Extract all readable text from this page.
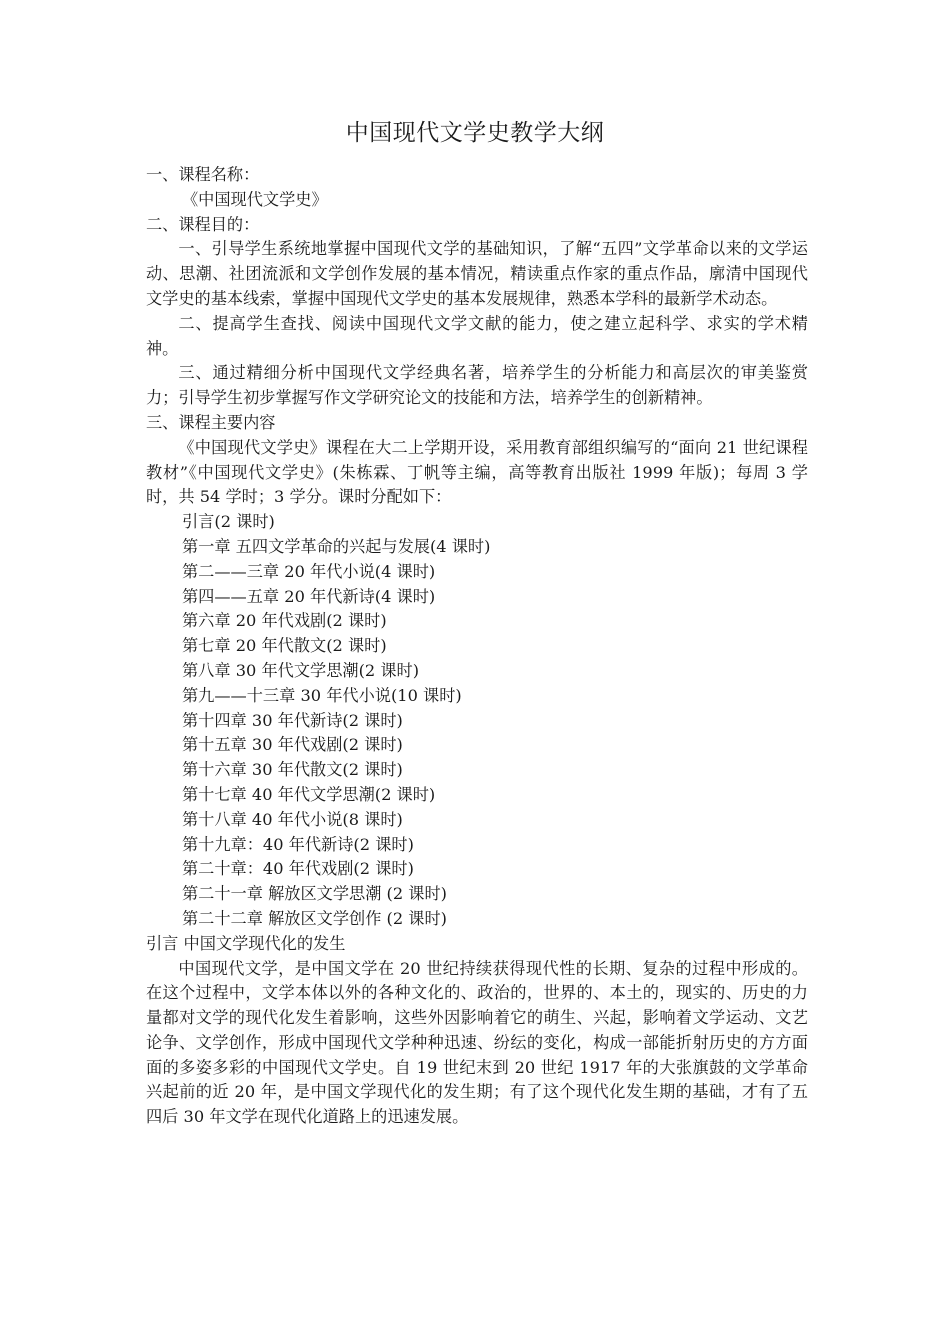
中国现代文学史教学大纲

一、课程名称：

《中国现代文学史》

二、课程目的：

一、引导学生系统地掌握中国现代文学的基础知识，了解“五四”文学革命以来的文学运动、思潮、社团流派和文学创作发展的基本情况，精读重点作家的重点作品，廓清中国现代文学史的基本线索，掌握中国现代文学史的基本发展规律，熟悉本学科的最新学术动态。

二、提高学生查找、阅读中国现代文学文献的能力，使之建立起科学、求实的学术精神。

三、通过精细分析中国现代文学经典名著，培养学生的分析能力和高层次的审美鉴赏力；引导学生初步掌握写作文学研究论文的技能和方法，培养学生的创新精神。

三、课程主要内容

《中国现代文学史》课程在大二上学期开设，采用教育部组织编写的“面向 21 世纪课程教材”《中国现代文学史》(朱栋霖、丁帆等主编，高等教育出版社 1999 年版)；每周 3 学时，共 54 学时；3 学分。课时分配如下：

引言(2 课时)
第一章 五四文学革命的兴起与发展(4 课时)
第二——三章 20 年代小说(4 课时)
第四——五章 20 年代新诗(4 课时)
第六章 20 年代戏剧(2 课时)
第七章 20 年代散文(2 课时)
第八章 30 年代文学思潮(2 课时)
第九——十三章 30 年代小说(10 课时)
第十四章 30 年代新诗(2 课时)
第十五章 30 年代戏剧(2 课时)
第十六章 30 年代散文(2 课时)
第十七章 40 年代文学思潮(2 课时)
第十八章 40 年代小说(8 课时)
第十九章：40 年代新诗(2 课时)
第二十章：40 年代戏剧(2 课时)
第二十一章 解放区文学思潮 (2 课时)
第二十二章 解放区文学创作 (2 课时)

引言 中国文学现代化的发生

中国现代文学，是中国文学在 20 世纪持续获得现代性的长期、复杂的过程中形成的。在这个过程中，文学本体以外的各种文化的、政治的，世界的、本土的，现实的、历史的力量都对文学的现代化发生着影响，这些外因影响着它的萌生、兴起，影响着文学运动、文艺论争、文学创作，形成中国现代文学种种迅速、纷纭的变化，构成一部能折射历史的方方面面的多姿多彩的中国现代文学史。自 19 世纪末到 20 世纪 1917 年的大张旗鼓的文学革命兴起前的近 20 年，是中国文学现代化的发生期；有了这个现代化发生期的基础，才有了五四后 30 年文学在现代化道路上的迅速发展。
